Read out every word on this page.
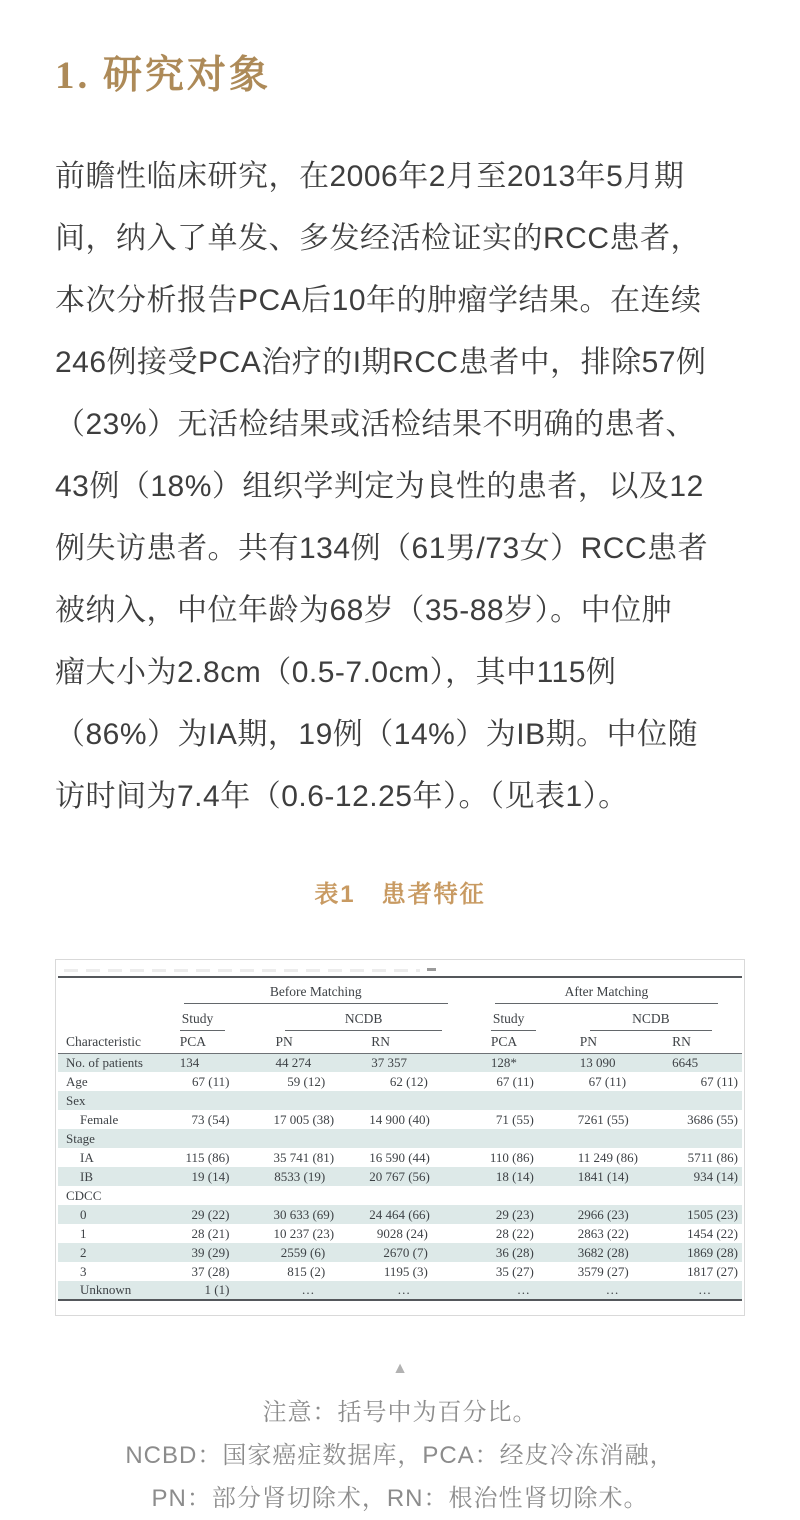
1. 研究对象
前瞻性临床研究，在2006年2月至2013年5月期
间，纳入了单发、多发经活检证实的RCC患者，
本次分析报告PCA后10年的肿瘤学结果。在连续
246例接受PCA治疗的I期RCC患者中，排除57例
（23%）无活检结果或活检结果不明确的患者、
43例（18%）组织学判定为良性的患者，以及12
例失访患者。共有134例（61男/73女）RCC患者
被纳入，中位年龄为68岁（35-88岁）。中位肿
瘤大小为2.8cm（0.5-7.0cm），其中115例
（86%）为IA期，19例（14%）为IB期。中位随
访时间为7.4年（0.6-12.25年）。（见表1）。
表1　患者特征

	Before Matching				After Matching		

	Study	NCDB			Study	NCDB	

Characteristic	PCA	PN	RN		PCA	PN	RN
No. of patients	134	44 274	37 357		128*	13 090	6645
Age	67 (11)	59 (12)	62 (12)		67 (11)	67 (11)	67 (11)
Sex							
Female	73 (54)	17 005 (38)	14 900 (40)		71 (55)	7261 (55)	3686 (55)
Stage							
IA	115 (86)	35 741 (81)	16 590 (44)		110 (86)	11 249 (86)	5711 (86)
IB	19 (14)	8533 (19)	20 767 (56)		18 (14)	1841 (14)	934 (14)
CDCC							
0	29 (22)	30 633 (69)	24 464 (66)		29 (23)	2966 (23)	1505 (23)
1	28 (21)	10 237 (23)	9028 (24)		28 (22)	2863 (22)	1454 (22)
2	39 (29)	2559 (6)	2670 (7)		36 (28)	3682 (28)	1869 (28)
3	37 (28)	815 (2)	1195 (3)		35 (27)	3579 (27)	1817 (27)
Unknown	1 (1)	…	…		…	…	…
▲
注意：括号中为百分比。
NCBD：国家癌症数据库，PCA：经皮冷冻消融，
PN：部分肾切除术，RN：根治性肾切除术。
